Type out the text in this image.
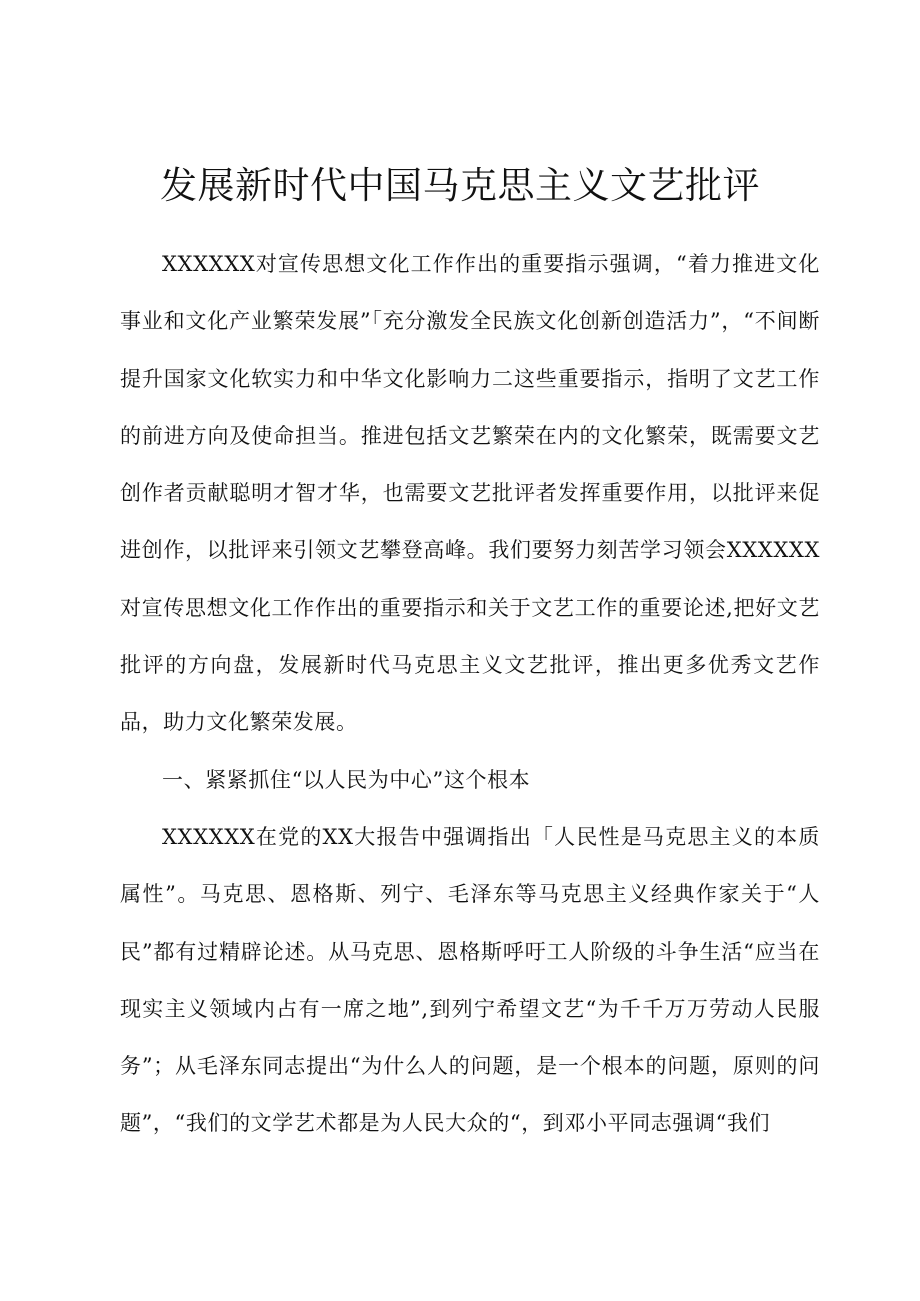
发展新时代中国马克思主义文艺批评

XXXXXX对宣传思想文化工作作出的重要指示强调，“着力推进文化事业和文化产业繁荣发展”「充分激发全民族文化创新创造活力”，“不间断提升国家文化软实力和中华文化影响力二这些重要指示，指明了文艺工作的前进方向及使命担当。推进包括文艺繁荣在内的文化繁荣，既需要文艺创作者贡献聪明才智才华，也需要文艺批评者发挥重要作用，以批评来促进创作，以批评来引领文艺攀登高峰。我们要努力刻苦学习领会XXXXXX对宣传思想文化工作作出的重要指示和关于文艺工作的重要论述,把好文艺批评的方向盘，发展新时代马克思主义文艺批评，推出更多优秀文艺作品，助力文化繁荣发展。

一、紧紧抓住“以人民为中心”这个根本

XXXXXX在党的XX大报告中强调指出「人民性是马克思主义的本质属性”。马克思、恩格斯、列宁、毛泽东等马克思主义经典作家关于“人民”都有过精辟论述。从马克思、恩格斯呼吁工人阶级的斗争生活“应当在现实主义领域内占有一席之地”,到列宁希望文艺“为千千万万劳动人民服务”；从毛泽东同志提出“为什么人的问题，是一个根本的问题，原则的问题”，“我们的文学艺术都是为人民大众的“，到邓小平同志强调“我们
